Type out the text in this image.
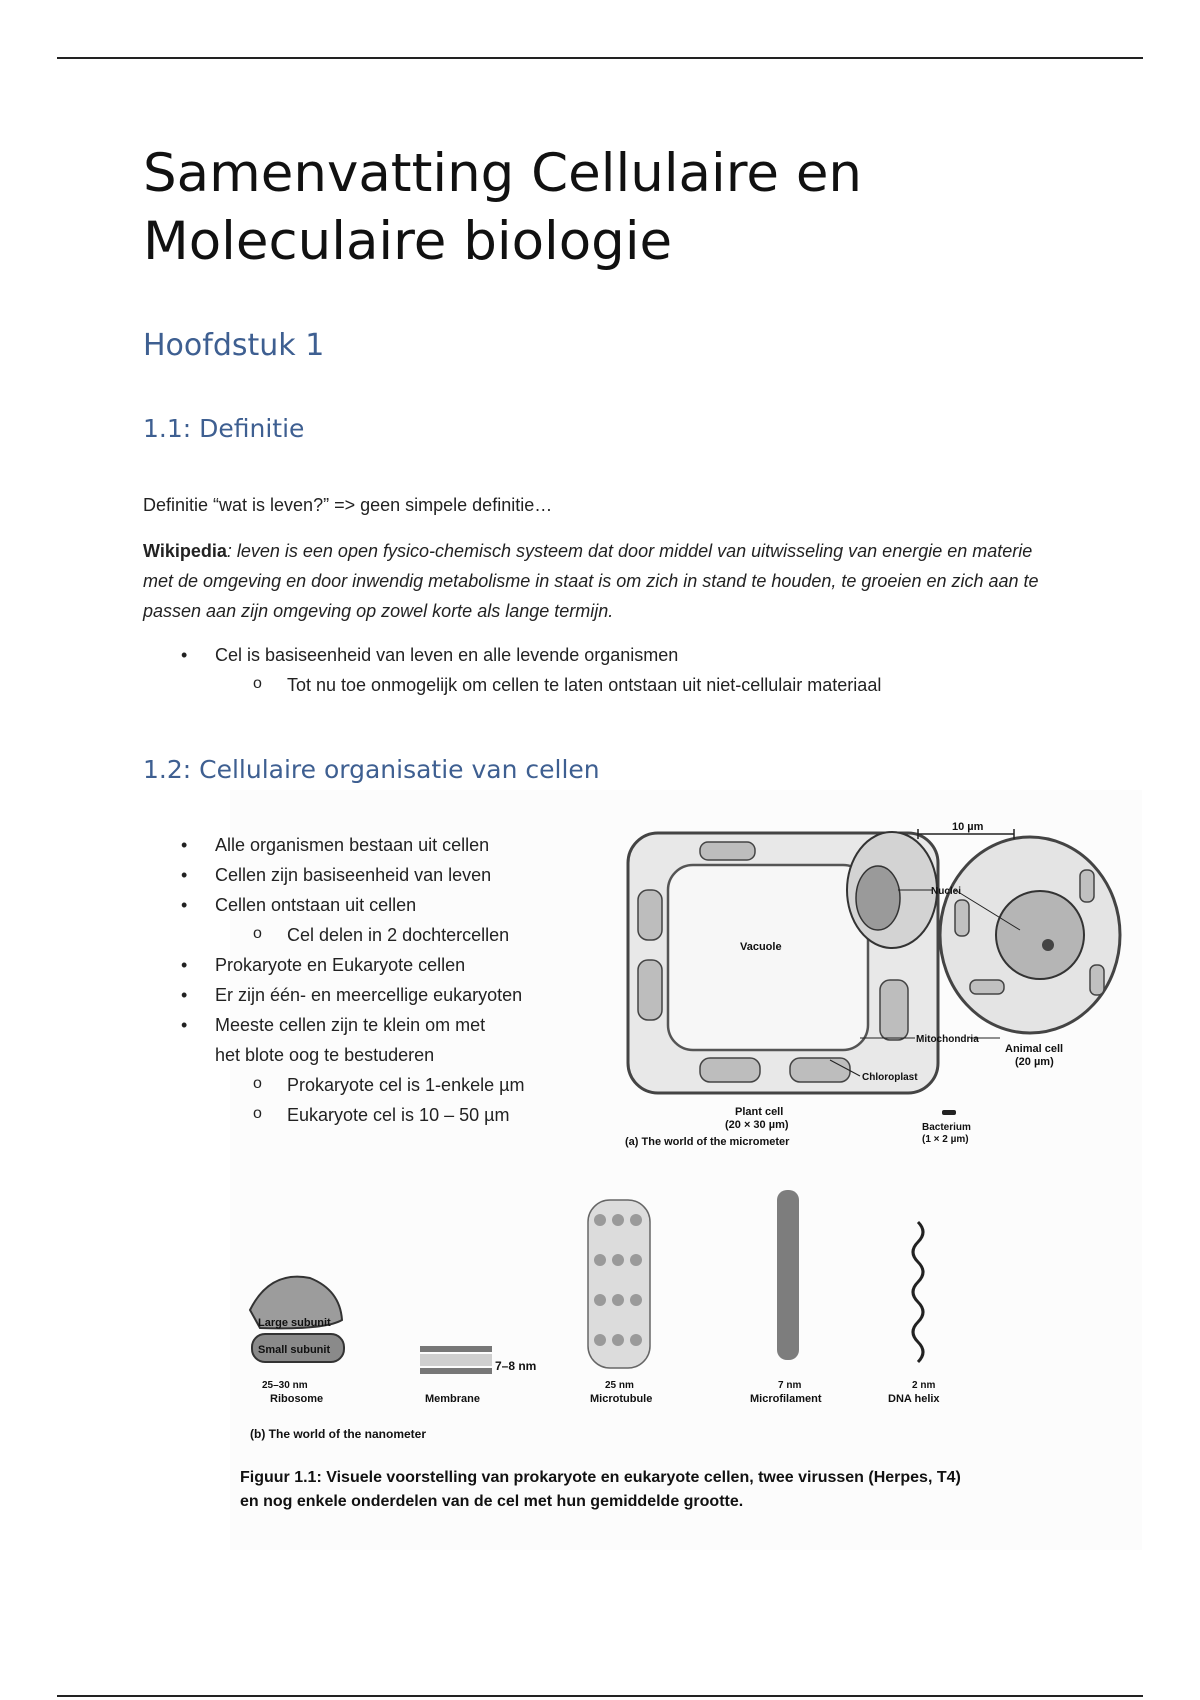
Samenvatting Cellulaire en Moleculaire biologie
Hoofdstuk 1
1.1: Definitie

Definitie “wat is leven?” => geen simpele definitie…

Wikipedia: leven is een open fysico-chemisch systeem dat door middel van uitwisseling van energie en materie met de omgeving en door inwendig metabolisme in staat is om zich in stand te houden, te groeien en zich aan te passen aan zijn omgeving op zowel korte als lange termijn.

• Cel is basiseenheid van leven en alle levende organismen
o Tot nu toe onmogelijk om cellen te laten ontstaan uit niet-cellulair materiaal
1.2: Cellulaire organisatie van cellen
Vacuole
Plant cell
(20 × 30 µm)
Animal cell
(20 µm)
10 µm
Nuclei
Mitochondria
Chloroplast
Bacterium
(1 × 2 µm)
(a) The world of the micrometer
Large subunit
Small subunit
25–30 nm
Ribosome
7–8 nm
Membrane
25 nm
Microtubule
7 nm
Microfilament
2 nm
DNA helix
(b) The world of the nanometer
• Alle organismen bestaan uit cellen
• Cellen zijn basiseenheid van leven
• Cellen ontstaan uit cellen
o Cel delen in 2 dochtercellen
• Prokaryote en Eukaryote cellen
• Er zijn één- en meercellige eukaryoten
• Meeste cellen zijn te klein om met het blote oog te bestuderen
o Prokaryote cel is 1-enkele µm
o Eukaryote cel is 10 – 50 µm

Figuur 1.1: Visuele voorstelling van prokaryote en eukaryote cellen, twee virussen (Herpes, T4) en nog enkele onderdelen van de cel met hun gemiddelde grootte.
